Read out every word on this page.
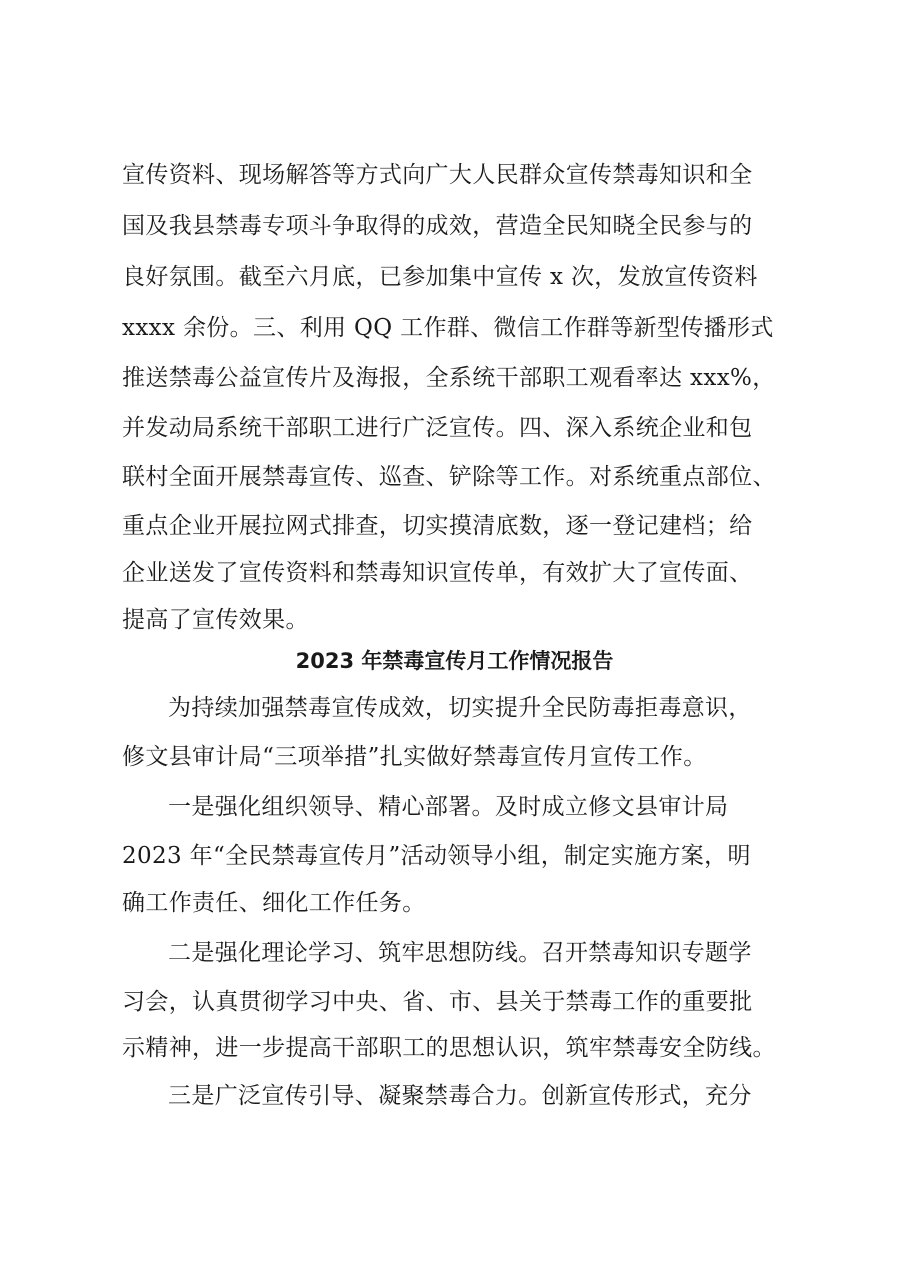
宣传资料、现场解答等方式向广大人民群众宣传禁毒知识和全
国及我县禁毒专项斗争取得的成效，营造全民知晓全民参与的
良好氛围。截至六月底，已参加集中宣传 x 次，发放宣传资料
xxxx 余份。三、利用 QQ 工作群、微信工作群等新型传播形式
推送禁毒公益宣传片及海报，全系统干部职工观看率达 xxx%，
并发动局系统干部职工进行广泛宣传。四、深入系统企业和包
联村全面开展禁毒宣传、巡查、铲除等工作。对系统重点部位、
重点企业开展拉网式排查，切实摸清底数，逐一登记建档；给
企业送发了宣传资料和禁毒知识宣传单，有效扩大了宣传面、
提高了宣传效果。
2023 年禁毒宣传月工作情况报告
为持续加强禁毒宣传成效，切实提升全民防毒拒毒意识，
修文县审计局“三项举措”扎实做好禁毒宣传月宣传工作。
一是强化组织领导、精心部署。及时成立修文县审计局
2023 年“全民禁毒宣传月”活动领导小组，制定实施方案，明
确工作责任、细化工作任务。
二是强化理论学习、筑牢思想防线。召开禁毒知识专题学
习会，认真贯彻学习中央、省、市、县关于禁毒工作的重要批
示精神，进一步提高干部职工的思想认识，筑牢禁毒安全防线。
三是广泛宣传引导、凝聚禁毒合力。创新宣传形式，充分
